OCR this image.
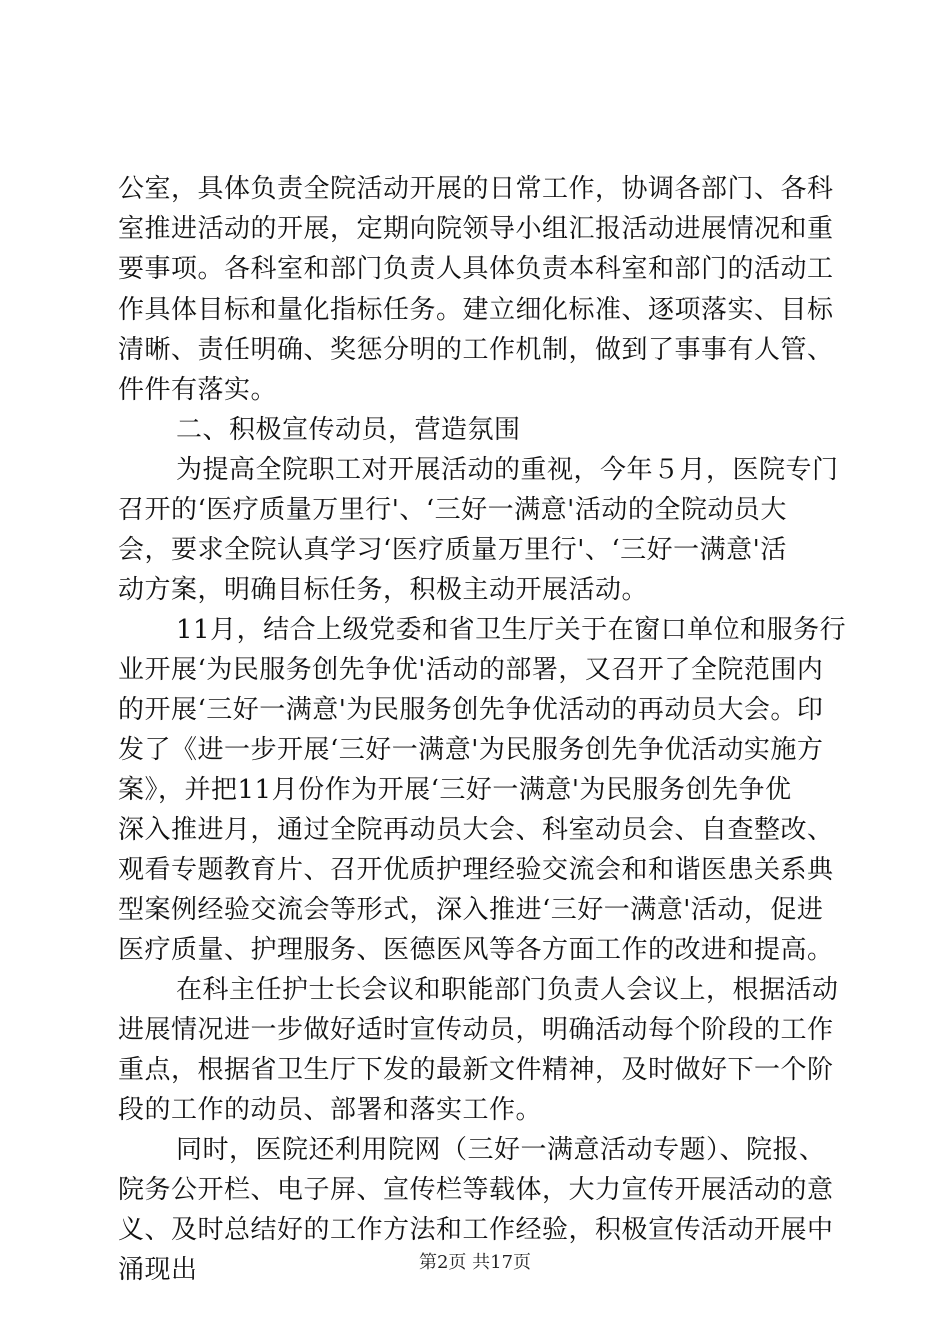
公室，具体负责全院活动开展的日常工作，协调各部门、各科

室推进活动的开展，定期向院领导小组汇报活动进展情况和重

要事项。各科室和部门负责人具体负责本科室和部门的活动工

作具体目标和量化指标任务。建立细化标准、逐项落实、目标

清晰、责任明确、奖惩分明的工作机制，做到了事事有人管、

件件有落实。

二、积极宣传动员，营造氛围

为提高全院职工对开展活动的重视，今年５月，医院专门

召开的‘医疗质量万里行'、‘三好一满意'活动的全院动员大

会，要求全院认真学习‘医疗质量万里行'、‘三好一满意'活

动方案，明确目标任务，积极主动开展活动。

11月，结合上级党委和省卫生厅关于在窗口单位和服务行

业开展‘为民服务创先争优'活动的部署，又召开了全院范围内

的开展‘三好一满意'为民服务创先争优活动的再动员大会。印

发了《进一步开展‘三好一满意'为民服务创先争优活动实施方

案》，并把11月份作为开展‘三好一满意'为民服务创先争优

深入推进月，通过全院再动员大会、科室动员会、自查整改、

观看专题教育片、召开优质护理经验交流会和和谐医患关系典

型案例经验交流会等形式，深入推进‘三好一满意'活动，促进

医疗质量、护理服务、医德医风等各方面工作的改进和提高。

在科主任护士长会议和职能部门负责人会议上，根据活动

进展情况进一步做好适时宣传动员，明确活动每个阶段的工作

重点，根据省卫生厅下发的最新文件精神，及时做好下一个阶

段的工作的动员、部署和落实工作。

同时，医院还利用院网（三好一满意活动专题）、院报、

院务公开栏、电子屏、宣传栏等载体，大力宣传开展活动的意

义、及时总结好的工作方法和工作经验，积极宣传活动开展中

涌现出	第2页 共17页
